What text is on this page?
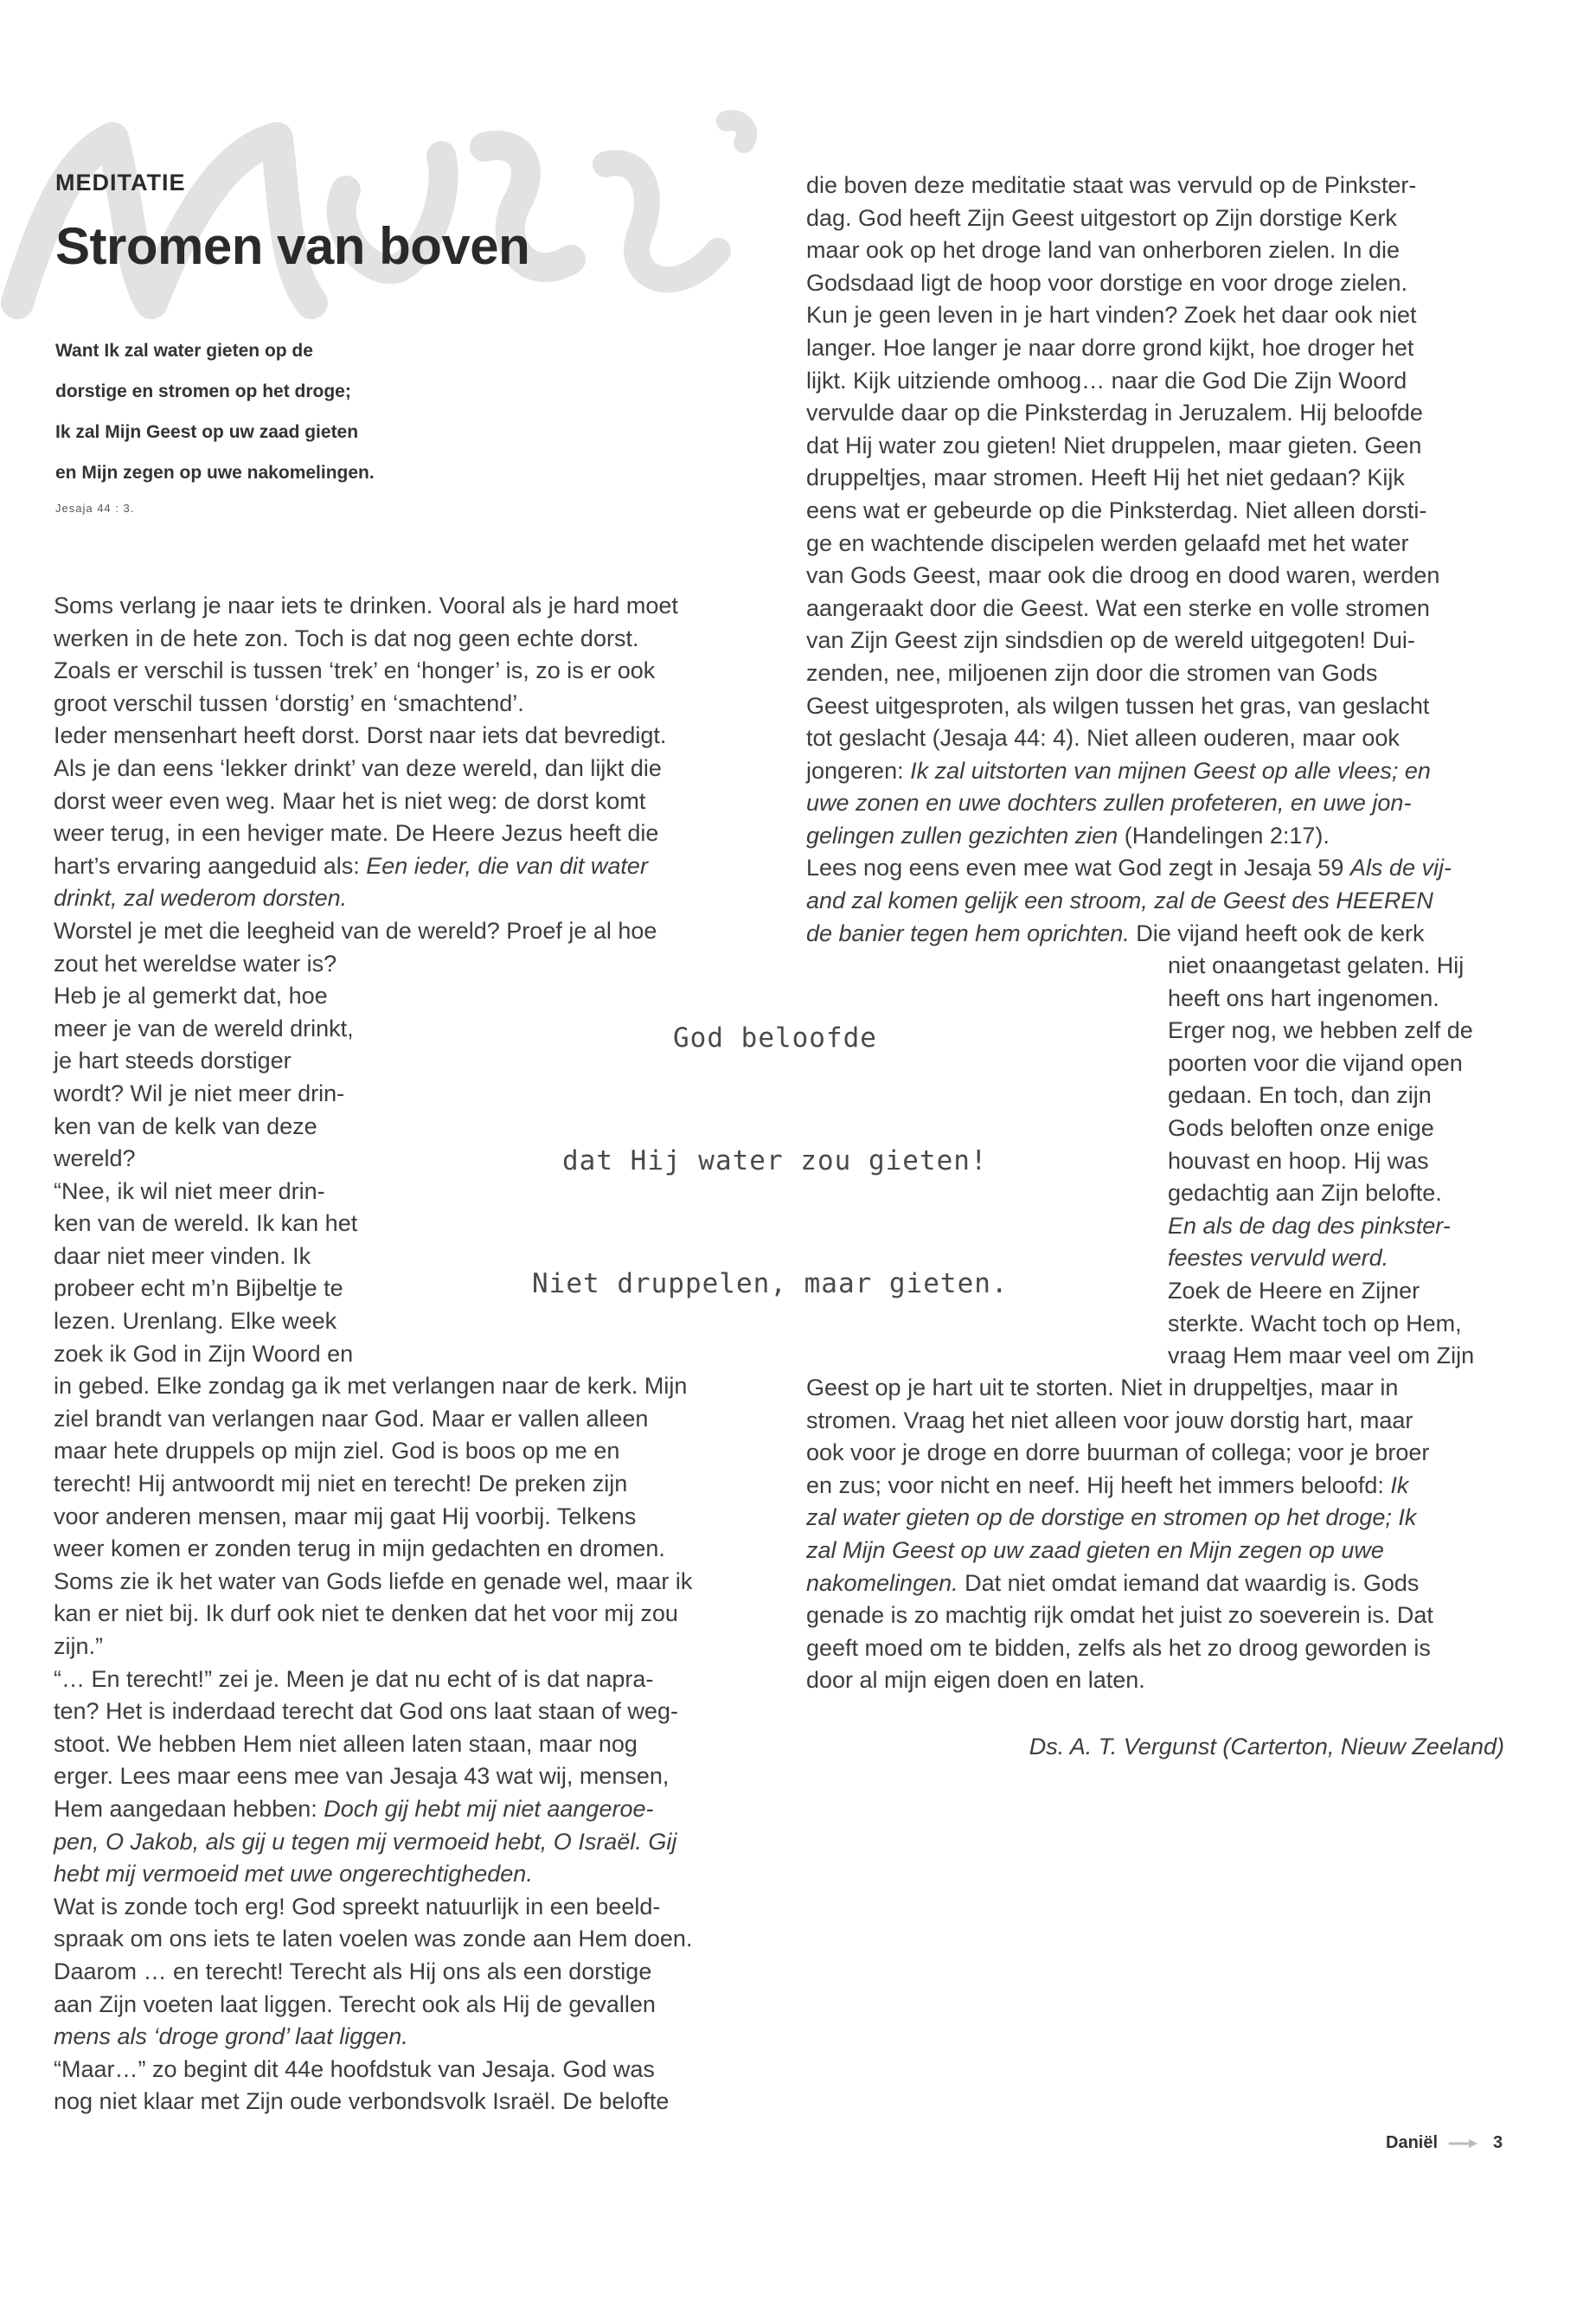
MEDITATIE
Stromen van boven
Want Ik zal water gieten op de
dorstige en stromen op het droge;
Ik zal Mijn Geest op uw zaad gieten
en Mijn zegen op uwe nakomelingen.
Jesaja 44 : 3.
Soms verlang je naar iets te drinken. Vooral als je hard moet
werken in de hete zon. Toch is dat nog geen echte dorst.
Zoals er verschil is tussen ‘trek’ en ‘honger’ is, zo is er ook
groot verschil tussen ‘dorstig’ en ‘smachtend’.
Ieder mensenhart heeft dorst. Dorst naar iets dat bevredigt.
Als je dan eens ‘lekker drinkt’ van deze wereld, dan lijkt die
dorst weer even weg. Maar het is niet weg: de dorst komt
weer terug, in een heviger mate. De Heere Jezus heeft die
hart’s ervaring aangeduid als: Een ieder, die van dit water
drinkt, zal wederom dorsten.
Worstel je met die leegheid van de wereld? Proef je al hoe
zout het wereldse water is?
Heb je al gemerkt dat, hoe
meer je van de wereld drinkt,
je hart steeds dorstiger
wordt? Wil je niet meer drin-
ken van de kelk van deze
wereld?
“Nee, ik wil niet meer drin-
ken van de wereld. Ik kan het
daar niet meer vinden. Ik
probeer echt m’n Bijbeltje te
lezen. Urenlang. Elke week
zoek ik God in Zijn Woord en
in gebed. Elke zondag ga ik met verlangen naar de kerk. Mijn
ziel brandt van verlangen naar God. Maar er vallen alleen
maar hete druppels op mijn ziel. God is boos op me en
terecht! Hij antwoordt mij niet en terecht! De preken zijn
voor anderen mensen, maar mij gaat Hij voorbij. Telkens
weer komen er zonden terug in mijn gedachten en dromen.
Soms zie ik het water van Gods liefde en genade wel, maar ik
kan er niet bij. Ik durf ook niet te denken dat het voor mij zou
zijn.”
“… En terecht!” zei je. Meen je dat nu echt of is dat napra-
ten? Het is inderdaad terecht dat God ons laat staan of weg-
stoot. We hebben Hem niet alleen laten staan, maar nog
erger. Lees maar eens mee van Jesaja 43 wat wij, mensen,
Hem aangedaan hebben: Doch gij hebt mij niet aangeroe-
pen, O Jakob, als gij u tegen mij vermoeid hebt, O Israël. Gij
hebt mij vermoeid met uwe ongerechtigheden.
Wat is zonde toch erg! God spreekt natuurlijk in een beeld-
spraak om ons iets te laten voelen was zonde aan Hem doen.
Daarom … en terecht! Terecht als Hij ons als een dorstige
aan Zijn voeten laat liggen. Terecht ook als Hij de gevallen
mens als ‘droge grond’ laat liggen.
“Maar…” zo begint dit 44e hoofdstuk van Jesaja. God was
nog niet klaar met Zijn oude verbondsvolk Israël. De belofte
die boven deze meditatie staat was vervuld op de Pinkster-
dag. God heeft Zijn Geest uitgestort op Zijn dorstige Kerk
maar ook op het droge land van onherboren zielen. In die
Godsdaad ligt de hoop voor dorstige en voor droge zielen.
Kun je geen leven in je hart vinden? Zoek het daar ook niet
langer. Hoe langer je naar dorre grond kijkt, hoe droger het
lijkt. Kijk uitziende omhoog… naar die God Die Zijn Woord
vervulde daar op die Pinksterdag in Jeruzalem. Hij beloofde
dat Hij water zou gieten! Niet druppelen, maar gieten. Geen
druppeltjes, maar stromen. Heeft Hij het niet gedaan? Kijk
eens wat er gebeurde op die Pinksterdag. Niet alleen dorsti-
ge en wachtende discipelen werden gelaafd met het water
van Gods Geest, maar ook die droog en dood waren, werden
aangeraakt door die Geest. Wat een sterke en volle stromen
van Zijn Geest zijn sindsdien op de wereld uitgegoten! Dui-
zenden, nee, miljoenen zijn door die stromen van Gods
Geest uitgesproten, als wilgen tussen het gras, van geslacht
tot geslacht (Jesaja 44: 4). Niet alleen ouderen, maar ook
jongeren: Ik zal uitstorten van mijnen Geest op alle vlees; en
uwe zonen en uwe dochters zullen profeteren, en uwe jon-
gelingen zullen gezichten zien (Handelingen 2:17).
Lees nog eens even mee wat God zegt in Jesaja 59 Als de vij-
and zal komen gelijk een stroom, zal de Geest des HEEREN
de banier tegen hem oprichten. Die vijand heeft ook de kerk
niet onaangetast gelaten. Hij
heeft ons hart ingenomen.
Erger nog, we hebben zelf de
poorten voor die vijand open
gedaan. En toch, dan zijn
Gods beloften onze enige
houvast en hoop. Hij was
gedachtig aan Zijn belofte.
En als de dag des pinkster-
feestes vervuld werd.
Zoek de Heere en Zijner
sterkte. Wacht toch op Hem,
vraag Hem maar veel om Zijn
Geest op je hart uit te storten. Niet in druppeltjes, maar in
stromen. Vraag het niet alleen voor jouw dorstig hart, maar
ook voor je droge en dorre buurman of collega; voor je broer
en zus; voor nicht en neef. Hij heeft het immers beloofd: Ik
zal water gieten op de dorstige en stromen op het droge; Ik
zal Mijn Geest op uw zaad gieten en Mijn zegen op uwe
nakomelingen. Dat niet omdat iemand dat waardig is. Gods
genade is zo machtig rijk omdat het juist zo soeverein is. Dat
geeft moed om te bidden, zelfs als het zo droog geworden is
door al mijn eigen doen en laten.
God beloofde
dat Hij water zou gieten!
Niet druppelen, maar gieten.
Ds. A. T. Vergunst (Carterton, Nieuw Zeeland)
Daniël	3
